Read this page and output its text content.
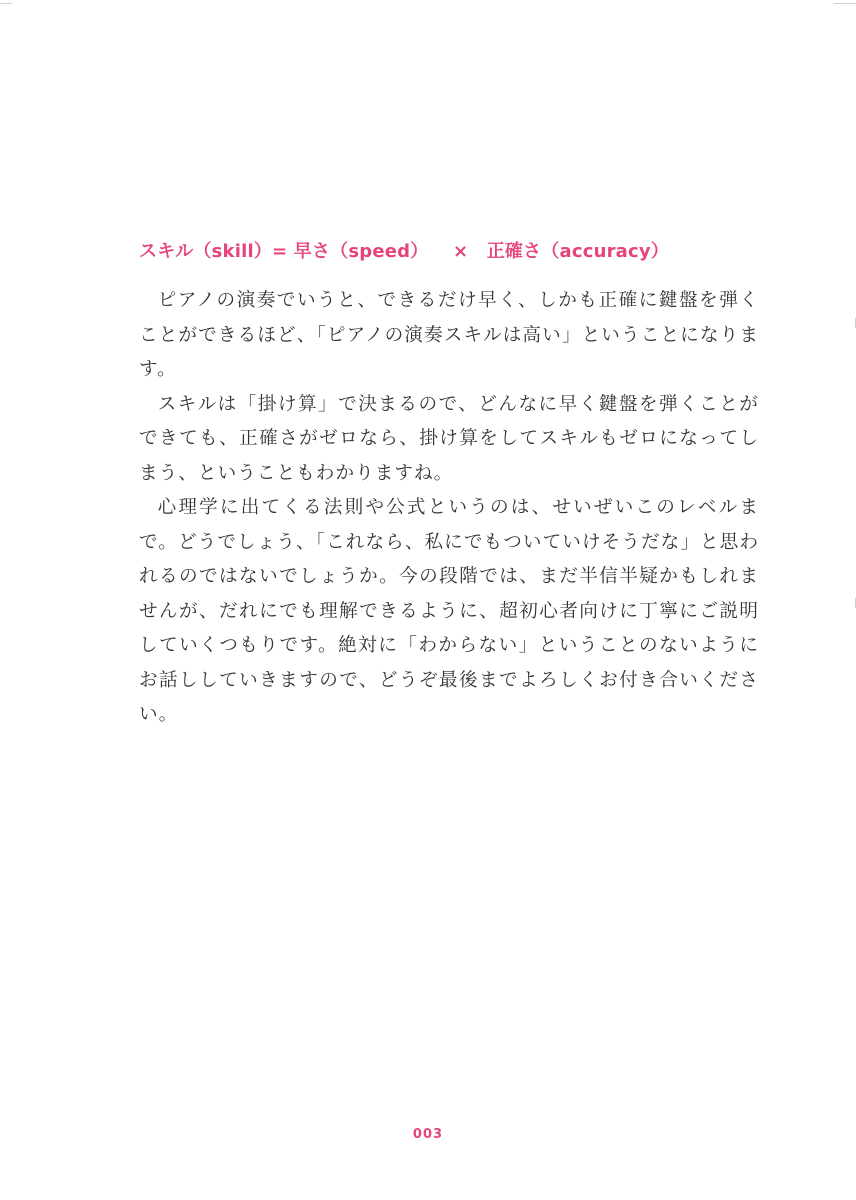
スキル（skill）= 早さ（speed） × 正確さ（accuracy）

ピアノの演奏でいうと、できるだけ早く、しかも正確に鍵盤を弾くことができるほど、「ピアノの演奏スキルは高い」ということになります。

スキルは「掛け算」で決まるので、どんなに早く鍵盤を弾くことができても、正確さがゼロなら、掛け算をしてスキルもゼロになってしまう、ということもわかりますね。

心理学に出てくる法則や公式というのは、せいぜいこのレベルまで。どうでしょう、「これなら、私にでもついていけそうだな」と思われるのではないでしょうか。今の段階では、まだ半信半疑かもしれませんが、だれにでも理解できるように、超初心者向けに丁寧にご説明していくつもりです。絶対に「わからない」ということのないようにお話ししていきますので、どうぞ最後までよろしくお付き合いください。

003
